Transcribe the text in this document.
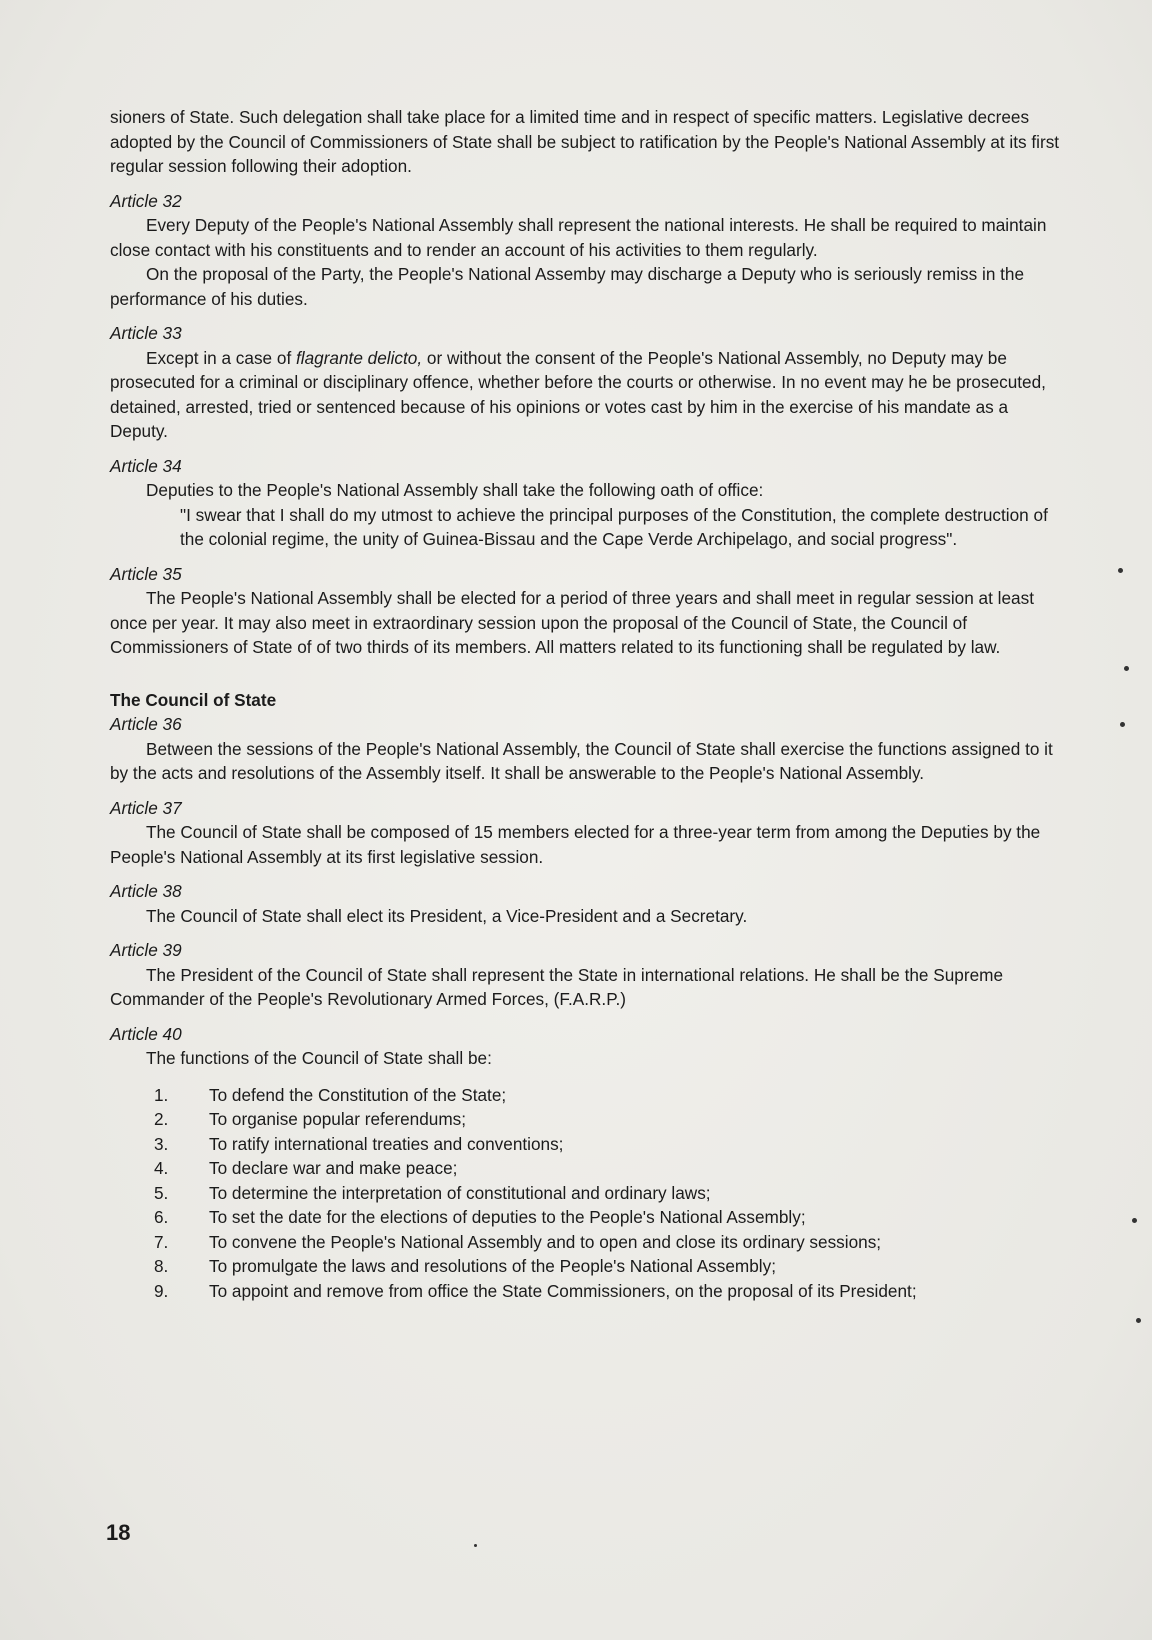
sioners of State. Such delegation shall take place for a limited time and in respect of specific matters. Legislative decrees adopted by the Council of Commissioners of State shall be subject to ratification by the People's National Assembly at its first regular session following their adoption.

Article 32

Every Deputy of the People's National Assembly shall represent the national interests. He shall be required to maintain close contact with his constituents and to render an account of his activities to them regularly.

On the proposal of the Party, the People's National Assemby may discharge a Deputy who is seriously remiss in the performance of his duties.

Article 33

Except in a case of flagrante delicto, or without the consent of the People's National Assembly, no Deputy may be prosecuted for a criminal or disciplinary offence, whether before the courts or otherwise. In no event may he be prosecuted, detained, arrested, tried or sentenced because of his opinions or votes cast by him in the exercise of his mandate as a Deputy.

Article 34

Deputies to the People's National Assembly shall take the following oath of office:

"I swear that I shall do my utmost to achieve the principal purposes of the Constitution, the complete destruction of the colonial regime, the unity of Guinea-Bissau and the Cape Verde Archipelago, and social progress".

Article 35

The People's National Assembly shall be elected for a period of three years and shall meet in regular session at least once per year. It may also meet in extraordinary session upon the proposal of the Council of State, the Council of Commissioners of State of of two thirds of its members. All matters related to its functioning shall be regulated by law.

The Council of State

Article 36

Between the sessions of the People's National Assembly, the Council of State shall exercise the functions assigned to it by the acts and resolutions of the Assembly itself. It shall be answerable to the People's National Assembly.

Article 37

The Council of State shall be composed of 15 members elected for a three-year term from among the Deputies by the People's National Assembly at its first legislative session.

Article 38

The Council of State shall elect its President, a Vice-President and a Secretary.

Article 39

The President of the Council of State shall represent the State in international relations. He shall be the Supreme Commander of the People's Revolutionary Armed Forces, (F.A.R.P.)

Article 40

The functions of the Council of State shall be:

1. To defend the Constitution of the State;
2. To organise popular referendums;
3. To ratify international treaties and conventions;
4. To declare war and make peace;
5. To determine the interpretation of constitutional and ordinary laws;
6. To set the date for the elections of deputies to the People's National Assembly;
7. To convene the People's National Assembly and to open and close its ordinary sessions;
8. To promulgate the laws and resolutions of the People's National Assembly;
9. To appoint and remove from office the State Commissioners, on the proposal of its President;
18
